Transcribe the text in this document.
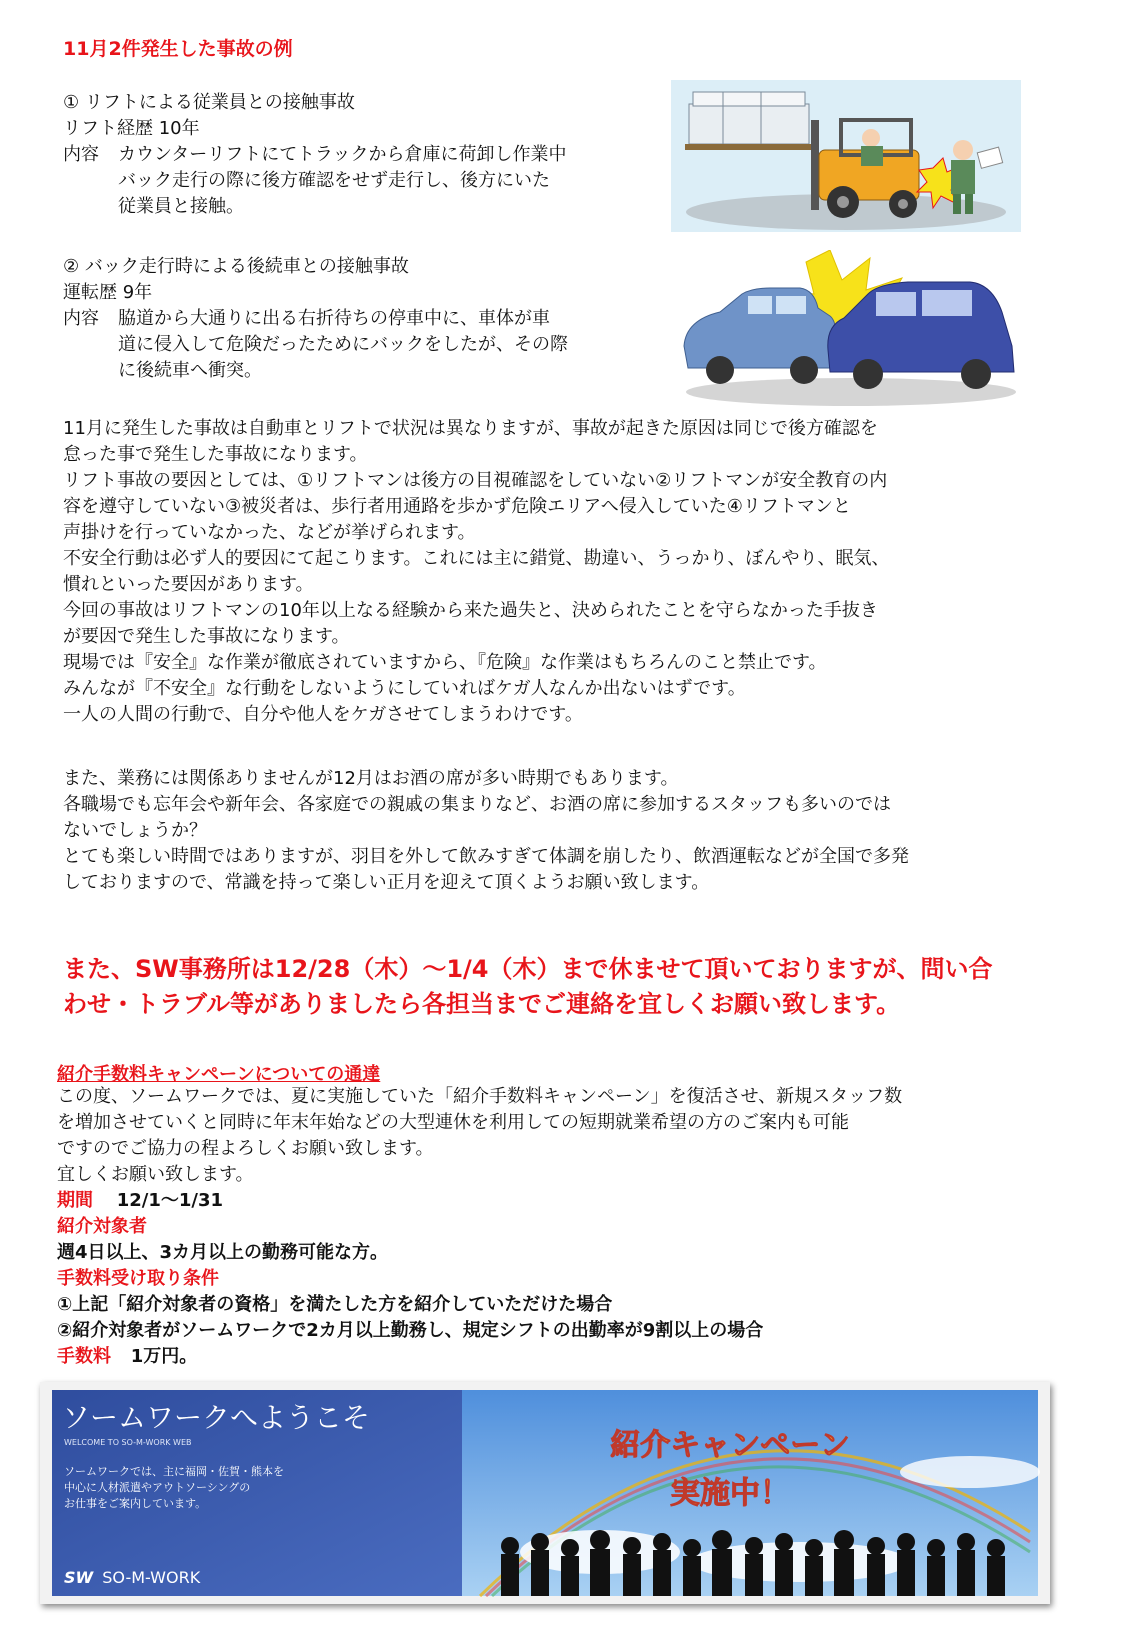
11月2件発生した事故の例
① リフトによる従業員との接触事故
リフト経歴 10年
内容 カウンターリフトにてトラックから倉庫に荷卸し作業中
バック走行の際に後方確認をせず走行し、後方にいた
従業員と接触。
② バック走行時による後続車との接触事故
運転歴 9年
内容 脇道から大通りに出る右折待ちの停車中に、車体が車
道に侵入して危険だったためにバックをしたが、その際
に後続車へ衝突。
11月に発生した事故は自動車とリフトで状況は異なりますが、事故が起きた原因は同じで後方確認を
怠った事で発生した事故になります。
リフト事故の要因としては、①リフトマンは後方の目視確認をしていない②リフトマンが安全教育の内
容を遵守していない③被災者は、歩行者用通路を歩かず危険エリアへ侵入していた④リフトマンと
声掛けを行っていなかった、などが挙げられます。
不安全行動は必ず人的要因にて起こります。これには主に錯覚、勘違い、うっかり、ぼんやり、眠気、
慣れといった要因があります。
今回の事故はリフトマンの10年以上なる経験から来た過失と、決められたことを守らなかった手抜き
が要因で発生した事故になります。
現場では『安全』な作業が徹底されていますから、『危険』な作業はもちろんのこと禁止です。
みんなが『不安全』な行動をしないようにしていればケガ人なんか出ないはずです。
一人の人間の行動で、自分や他人をケガさせてしまうわけです。
また、業務には関係ありませんが12月はお酒の席が多い時期でもあります。
各職場でも忘年会や新年会、各家庭での親戚の集まりなど、お酒の席に参加するスタッフも多いのでは
ないでしょうか？
とても楽しい時間ではありますが、羽目を外して飲みすぎて体調を崩したり、飲酒運転などが全国で多発
しておりますので、常識を持って楽しい正月を迎えて頂くようお願い致します。
また、SW事務所は12/28（木）～1/4（木）まで休ませて頂いておりますが、問い合
わせ・トラブル等がありましたら各担当までご連絡を宜しくお願い致します。
紹介手数料キャンペーンについての通達
この度、ソームワークでは、夏に実施していた「紹介手数料キャンペーン」を復活させ、新規スタッフ数
を増加させていくと同時に年末年始などの大型連休を利用しての短期就業希望の方のご案内も可能
ですのでご協力の程よろしくお願い致します。
宜しくお願い致します。
期間 12/1～1/31
紹介対象者
週4日以上、3カ月以上の勤務可能な方。
手数料受け取り条件
①上記「紹介対象者の資格」を満たした方を紹介していただけた場合
②紹介対象者がソームワークで2カ月以上勤務し、規定シフトの出勤率が9割以上の場合
手数料 1万円。
ソームワークへようこそ
WELCOME TO SO-M-WORK WEB
ソームワークでは、主に福岡・佐賀・熊本を
中心に人材派遣やアウトソーシングの
お仕事をご案内しています。
SW SO-M-WORK
紹介キャンペーン
実施中！
